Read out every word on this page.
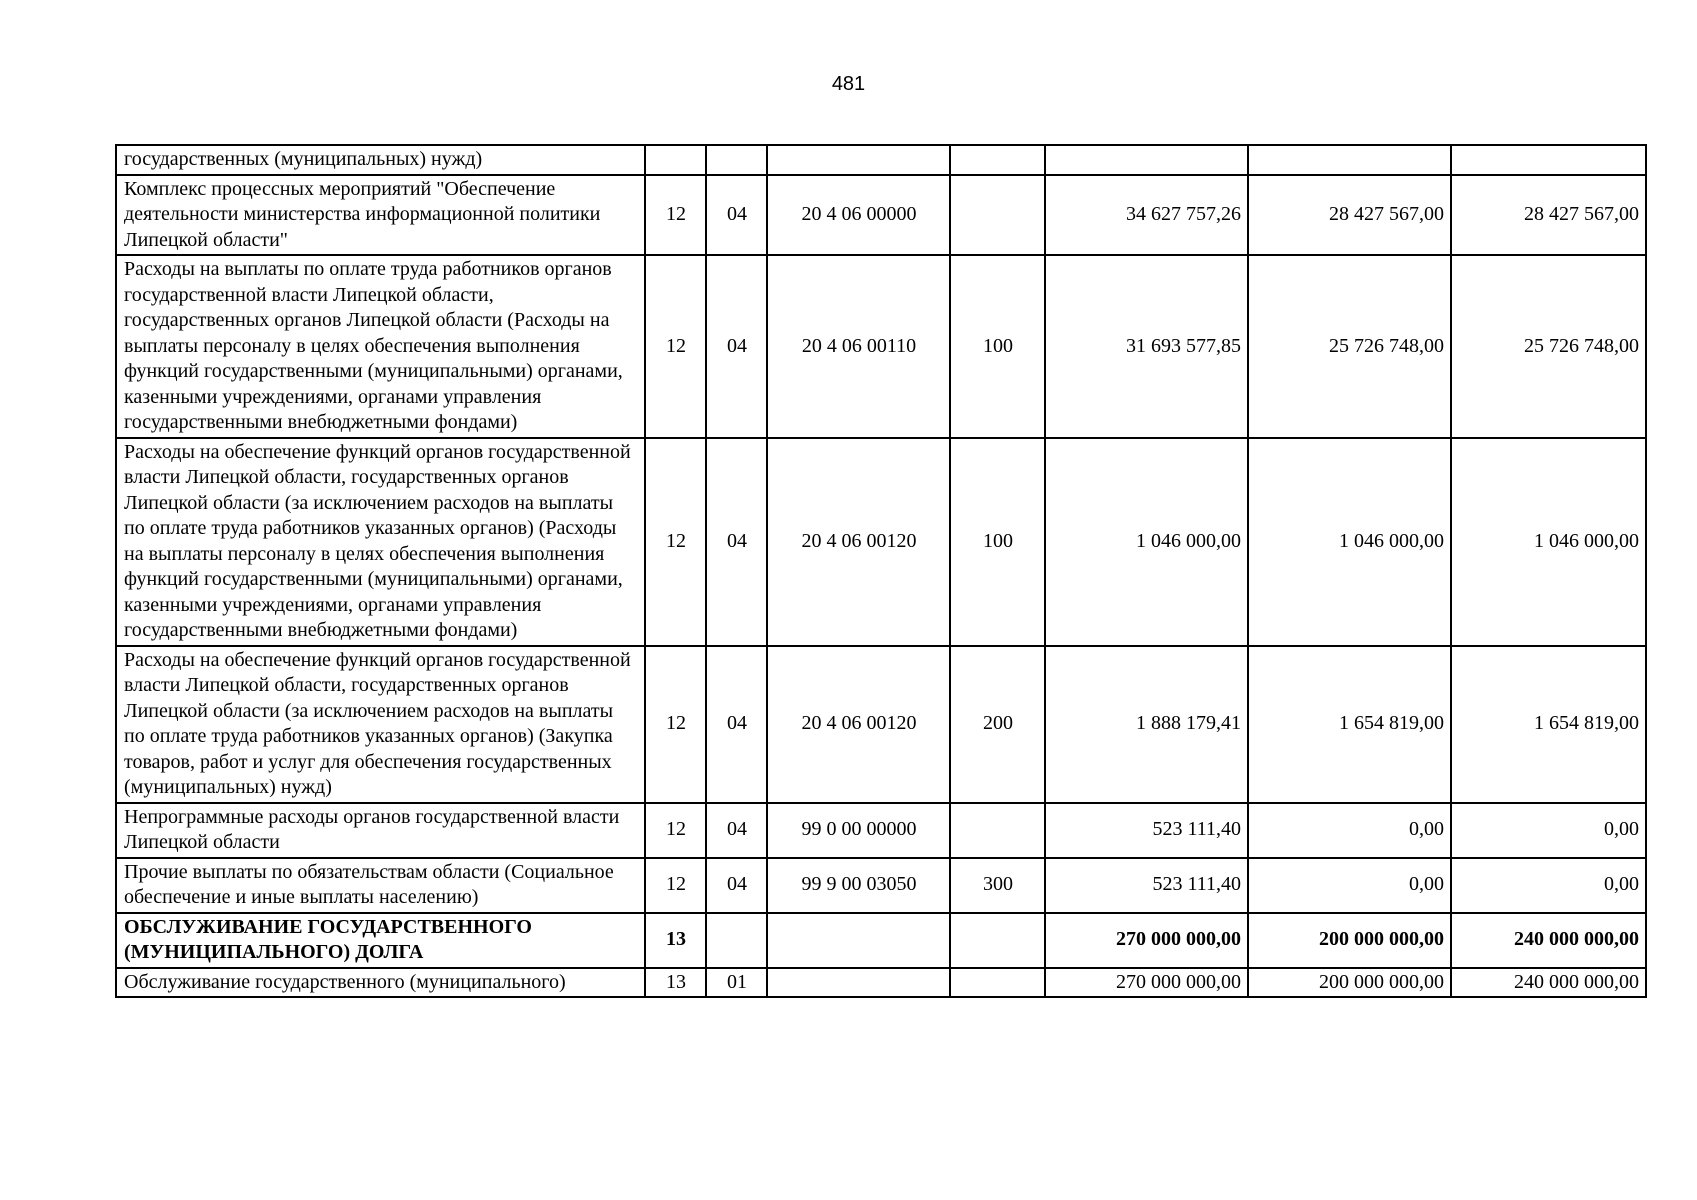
481
государственных (муниципальных) нужд)							
Комплекс процессных мероприятий "Обеспечение деятельности министерства информационной политики Липецкой области"	12	04	20 4 06 00000		34 627 757,26	28 427 567,00	28 427 567,00
Расходы на выплаты по оплате труда работников органов государственной власти Липецкой области, государственных органов Липецкой области (Расходы на выплаты персоналу в целях обеспечения выполнения функций государственными (муниципальными) органами, казенными учреждениями, органами управления государственными внебюджетными фондами)	12	04	20 4 06 00110	100	31 693 577,85	25 726 748,00	25 726 748,00
Расходы на обеспечение функций органов государственной власти Липецкой области, государственных органов Липецкой области (за исключением расходов на выплаты по оплате труда работников указанных органов) (Расходы на выплаты персоналу в целях обеспечения выполнения функций государственными (муниципальными) органами, казенными учреждениями, органами управления государственными внебюджетными фондами)	12	04	20 4 06 00120	100	1 046 000,00	1 046 000,00	1 046 000,00
Расходы на обеспечение функций органов государственной власти Липецкой области, государственных органов Липецкой области (за исключением расходов на выплаты по оплате труда работников указанных органов) (Закупка товаров, работ и услуг для обеспечения государственных (муниципальных) нужд)	12	04	20 4 06 00120	200	1 888 179,41	1 654 819,00	1 654 819,00
Непрограммные расходы органов государственной власти Липецкой области	12	04	99 0 00 00000		523 111,40	0,00	0,00
Прочие выплаты по обязательствам области (Социальное обеспечение и иные выплаты населению)	12	04	99 9 00 03050	300	523 111,40	0,00	0,00
ОБСЛУЖИВАНИЕ ГОСУДАРСТВЕННОГО (МУНИЦИПАЛЬНОГО) ДОЛГА	13				270 000 000,00	200 000 000,00	240 000 000,00
Обслуживание государственного (муниципального)	13	01			270 000 000,00	200 000 000,00	240 000 000,00
